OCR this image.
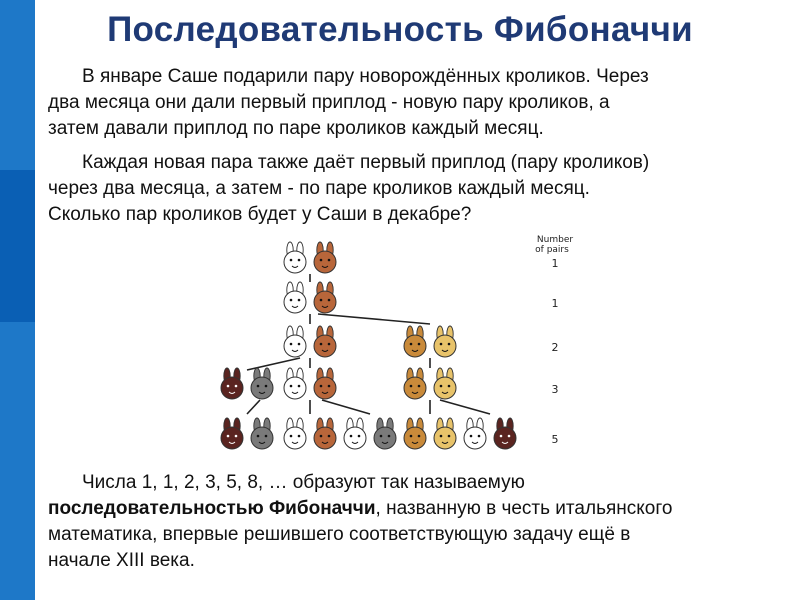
Последовательность Фибоначчи
В январе Саше подарили пару новорождённых кроликов. Через
два месяца они дали первый приплод - новую пару кроликов, а
затем давали приплод по паре кроликов каждый месяц.
Каждая новая пара также даёт первый приплод (пару кроликов)
через два месяца, а затем - по паре кроликов каждый месяц.
Сколько пар кроликов будет у Саши в декабре?
1
1
2
3
5
Number
of pairs
Числа 1, 1, 2, 3, 5, 8, … образуют так называемую
последовательностью Фибоначчи, названную в честь итальянского
математика, впервые решившего соответствующую задачу ещё в
начале XIII века.
